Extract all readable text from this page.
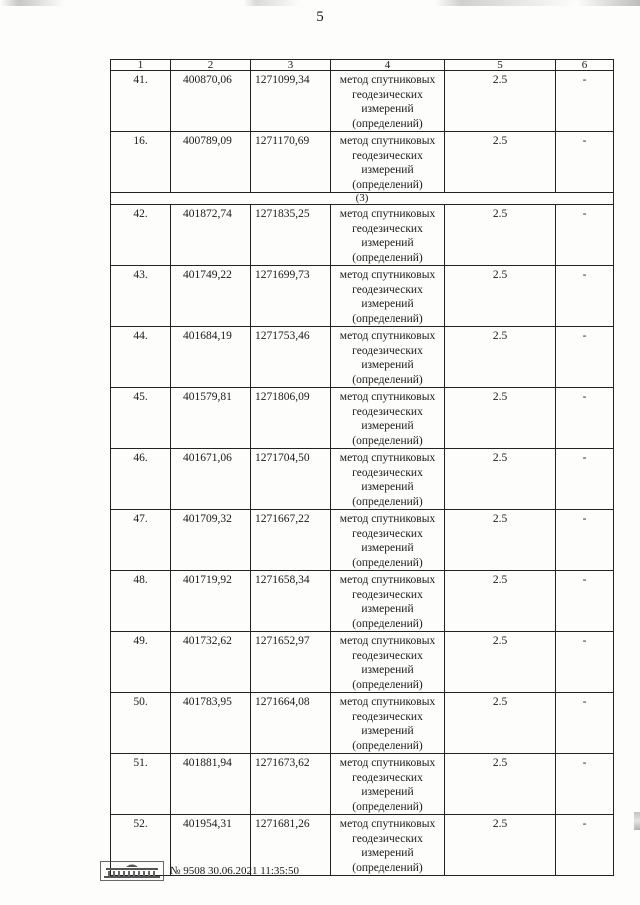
5
1	2	3	4	5	6
41.	400870,06	1271099,34	метод спутниковых геодезических измерений (определений)	2.5	-
16.	400789,09	1271170,69	метод спутниковых геодезических измерений (определений)	2.5	-
(3)					
42.	401872,74	1271835,25	метод спутниковых геодезических измерений (определений)	2.5	-
43.	401749,22	1271699,73	метод спутниковых геодезических измерений (определений)	2.5	-
44.	401684,19	1271753,46	метод спутниковых геодезических измерений (определений)	2.5	-
45.	401579,81	1271806,09	метод спутниковых геодезических измерений (определений)	2.5	-
46.	401671,06	1271704,50	метод спутниковых геодезических измерений (определений)	2.5	-
47.	401709,32	1271667,22	метод спутниковых геодезических измерений (определений)	2.5	-
48.	401719,92	1271658,34	метод спутниковых геодезических измерений (определений)	2.5	-
49.	401732,62	1271652,97	метод спутниковых геодезических измерений (определений)	2.5	-
50.	401783,95	1271664,08	метод спутниковых геодезических измерений (определений)	2.5	-
51.	401881,94	1271673,62	метод спутниковых геодезических измерений (определений)	2.5	-
52.	401954,31	1271681,26	метод спутниковых геодезических измерений (определений)	2.5	-
№ 9508 30.06.2021 11:35:50
